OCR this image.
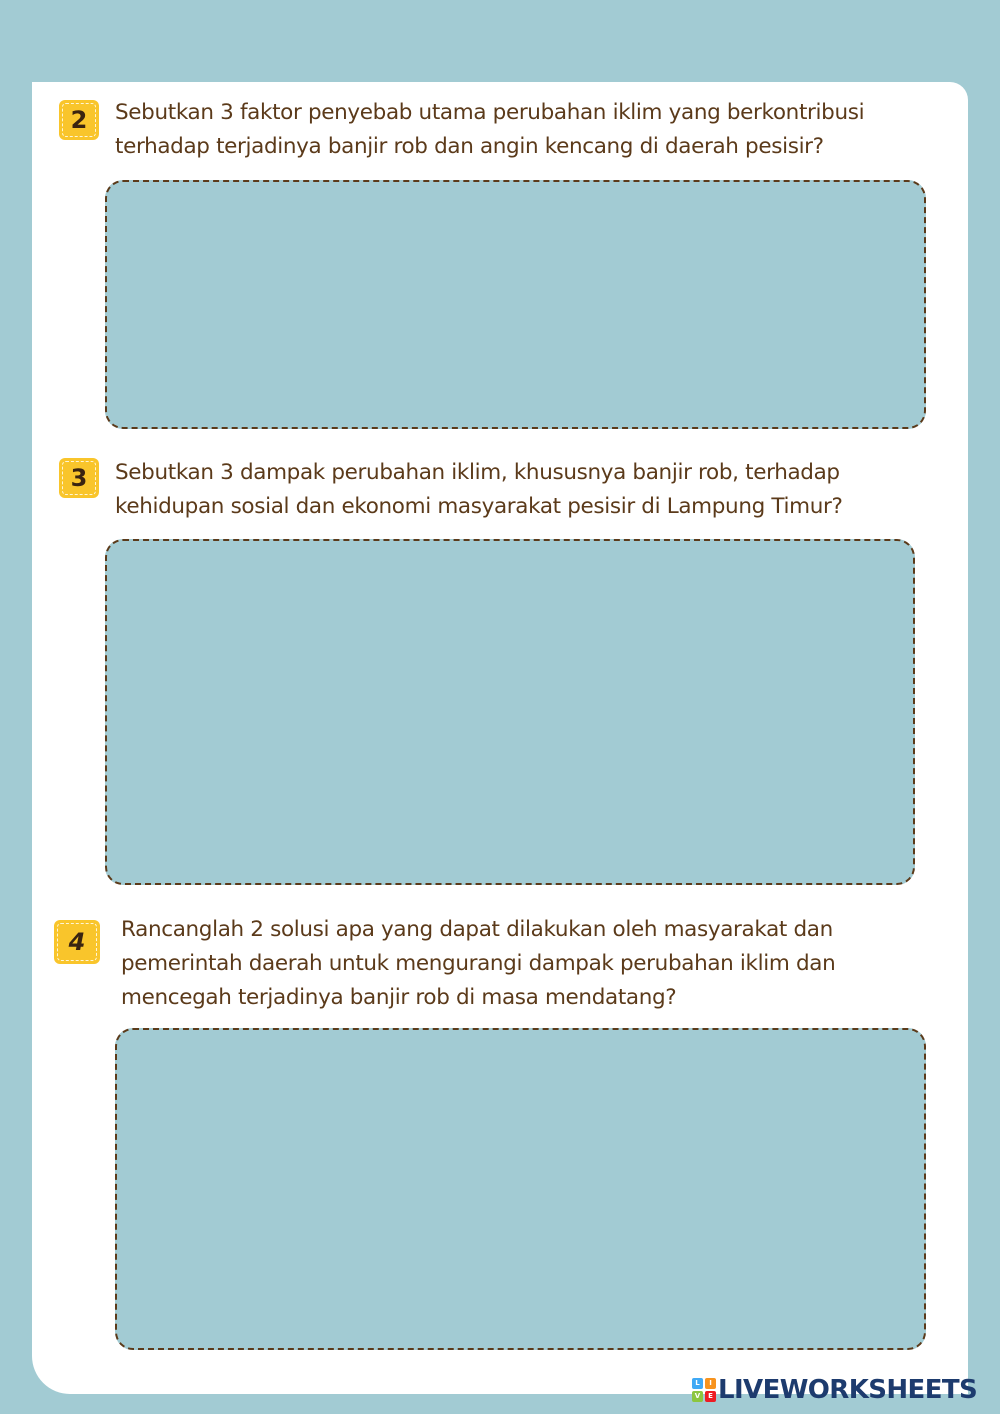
2 Sebutkan 3 faktor penyebab utama perubahan iklim yang berkontribusi
terhadap terjadinya banjir rob dan angin kencang di daerah pesisir?
3 Sebutkan 3 dampak perubahan iklim, khususnya banjir rob, terhadap
kehidupan sosial dan ekonomi masyarakat pesisir di Lampung Timur?
4 Rancanglah 2 solusi apa yang dapat dilakukan oleh masyarakat dan
pemerintah daerah untuk mengurangi dampak perubahan iklim dan
mencegah terjadinya banjir rob di masa mendatang?
L	I
V	E LIVEWORKSHEETS
